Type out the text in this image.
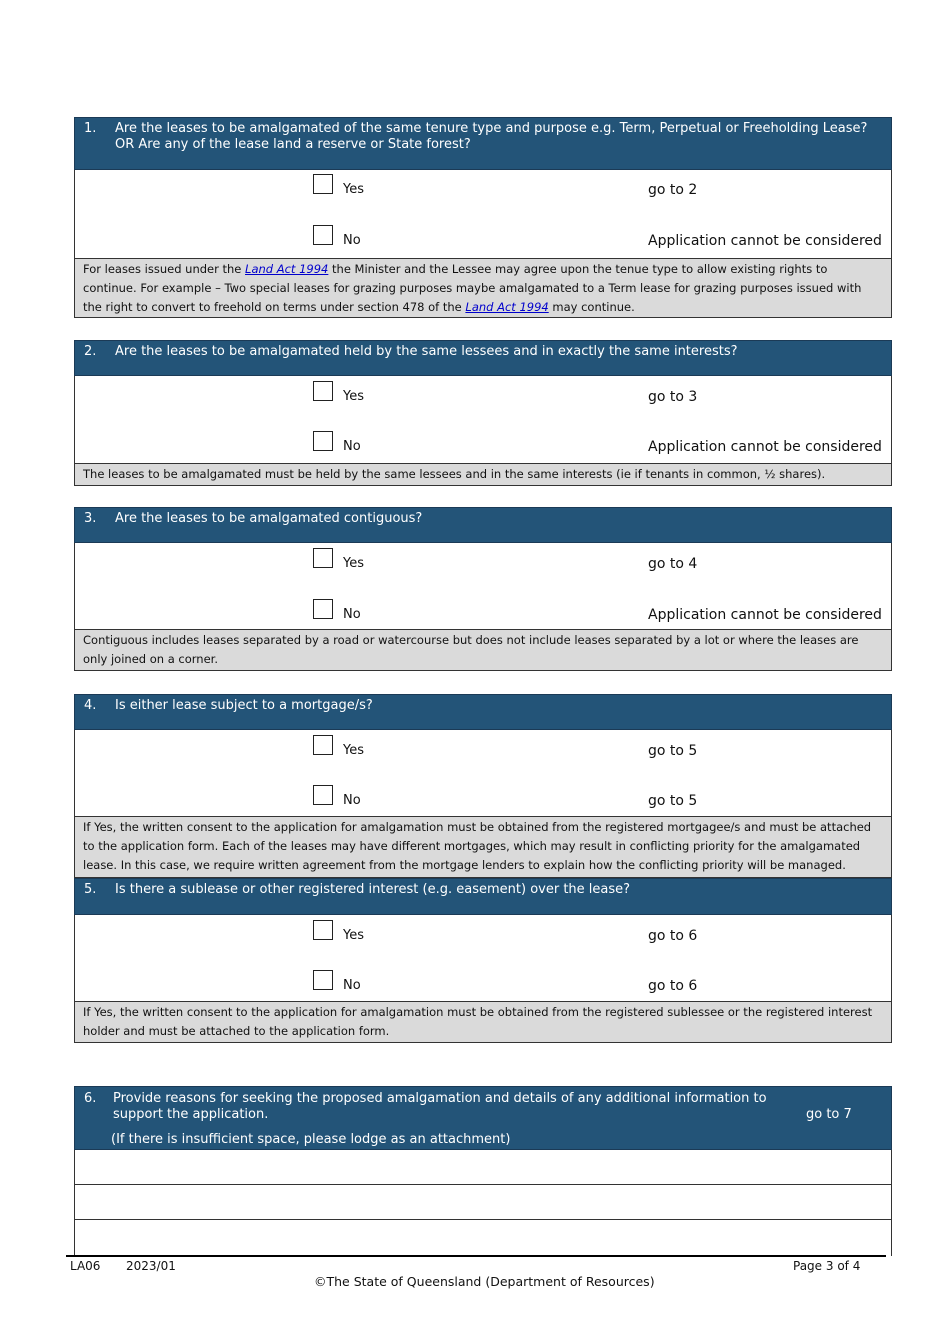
1. Are the leases to be amalgamated of the same tenure type and purpose e.g. Term, Perpetual or Freeholding Lease? OR Are any of the lease land a reserve or State forest?
Yes	go to 2
No	Application cannot be considered
For leases issued under the Land Act 1994 the Minister and the Lessee may agree upon the tenue type to allow existing rights to continue. For example – Two special leases for grazing purposes maybe amalgamated to a Term lease for grazing purposes issued with the right to convert to freehold on terms under section 478 of the Land Act 1994 may continue.
2. Are the leases to be amalgamated held by the same lessees and in exactly the same interests?
Yes	go to 3
No	Application cannot be considered
The leases to be amalgamated must be held by the same lessees and in the same interests (ie if tenants in common, ½ shares).
3. Are the leases to be amalgamated contiguous?
Yes	go to 4
No	Application cannot be considered
Contiguous includes leases separated by a road or watercourse but does not include leases separated by a lot or where the leases are only joined on a corner.
4. Is either lease subject to a mortgage/s?
Yes	go to 5
No	go to 5
If Yes, the written consent to the application for amalgamation must be obtained from the registered mortgagee/s and must be attached to the application form. Each of the leases may have different mortgages, which may result in conflicting priority for the amalgamated lease. In this case, we require written agreement from the mortgage lenders to explain how the conflicting priority will be managed.
5. Is there a sublease or other registered interest (e.g. easement) over the lease?
Yes	go to 6
No	go to 6
If Yes, the written consent to the application for amalgamation must be obtained from the registered sublessee or the registered interest holder and must be attached to the application form.
6. Provide reasons for seeking the proposed amalgamation and details of any additional information to support the application.	go to 7
(If there is insufficient space, please lodge as an attachment)
LA06 2023/01	Page 3 of 4
©The State of Queensland (Department of Resources)
